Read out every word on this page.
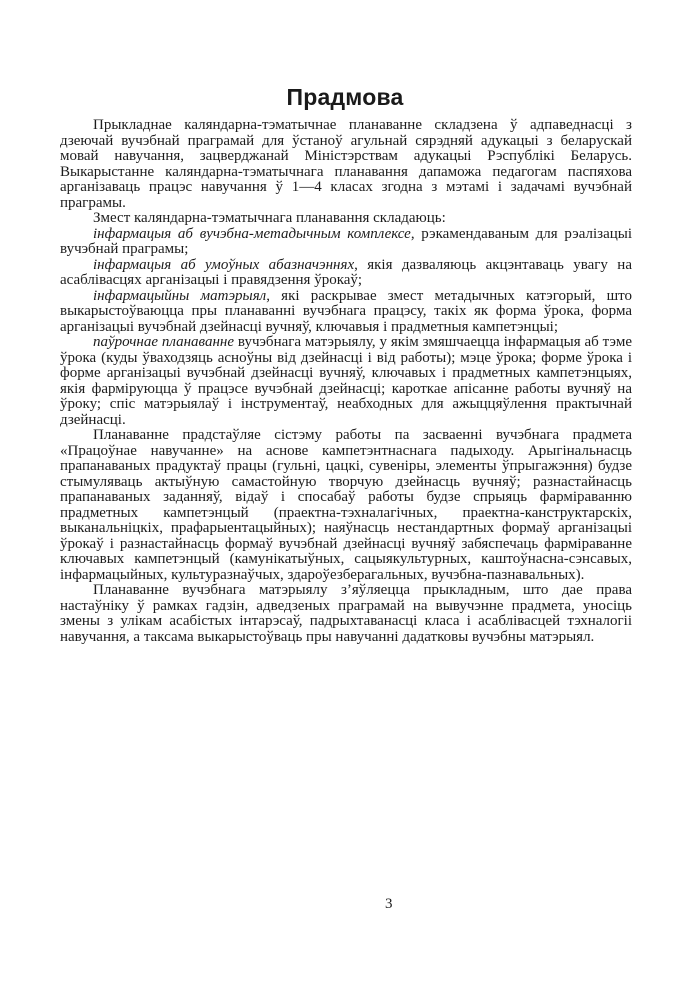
Прадмова

Прыкладнае каляндарна-тэматычнае планаванне складзена ў адпаведнасці з дзеючай вучэбнай праграмай для ўстаноў агульнай сярэдняй адукацыі з беларускай мовай навучання, зацверджанай Міністэрствам адукацыі Рэспублікі Беларусь. Выкарыстанне каляндарна-тэматычнага планавання дапаможа педагогам паспяхова арганізаваць працэс навучання ў 1—4 класах згодна з мэтамі і задачамі вучэбнай праграмы.

Змест каляндарна-тэматычнага планавання складаюць:

інфармацыя аб вучэбна-метадычным комплексе, рэкамендаваным для рэалізацыі вучэбнай праграмы;

інфармацыя аб умоўных абазначэннях, якія дазваляюць акцэнтаваць увагу на асаблівасцях арганізацыі і правядзення ўрокаў;

інфармацыйны матэрыял, які раскрывае змест метадычных катэгорый, што выкарыстоўваюцца пры планаванні вучэбнага працэсу, такіх як форма ўрока, форма арганізацыі вучэбнай дзейнасці вучняў, ключавыя і прадметныя кампетэнцыі;

паўрочнае планаванне вучэбнага матэрыялу, у якім змяшчаецца інфармацыя аб тэме ўрока (куды ўваходзяць асноўны від дзейнасці і від работы); мэце ўрока; форме ўрока і форме арганізацыі вучэбнай дзейнасці вучняў, ключавых і прадметных кампетэнцыях, якія фарміруюцца ў працэсе вучэбнай дзейнасці; кароткае апісанне работы вучняў на ўроку; спіс матэрыялаў і інструментаў, неабходных для ажыццяўлення практычнай дзейнасці.

Планаванне прадстаўляе сістэму работы па засваенні вучэбнага прадмета «Працоўнае навучанне» на аснове кампетэнтнаснага падыходу. Арыгінальнасць прапанаваных прадуктаў працы (гульні, цацкі, сувеніры, элементы ўпрыгажэння) будзе стымуляваць актыўную самастойную творчую дзейнасць вучняў; разнастайнасць прапанаваных заданняў, відаў і спосабаў работы будзе спрыяць фарміраванню прадметных кампетэнцый (праектна-тэхналагічных, праектна-канструктарскіх, выканальніцкіх, прафарыентацыйных); наяўнасць нестандартных формаў арганізацыі ўрокаў і разнастайнасць формаў вучэбнай дзейнасці вучняў забяспечаць фарміраванне ключавых кампетэнцый (камунікатыўных, сацыякультурных, каштоўнасна-сэнсавых, інфармацыйных, культуразнаўчых, здароўезберагальных, вучэбна-пазнавальных).

Планаванне вучэбнага матэрыялу з’яўляецца прыкладным, што дае права настаўніку ў рамках гадзін, адведзеных праграмай на вывучэнне прадмета, уносіць змены з улікам асабістых інтарэсаў, падрыхтаванасці класа і асаблівасцей тэхналогіі навучання, а таксама выкарыстоўваць пры навучанні дадатковы вучэбны матэрыял.

3
